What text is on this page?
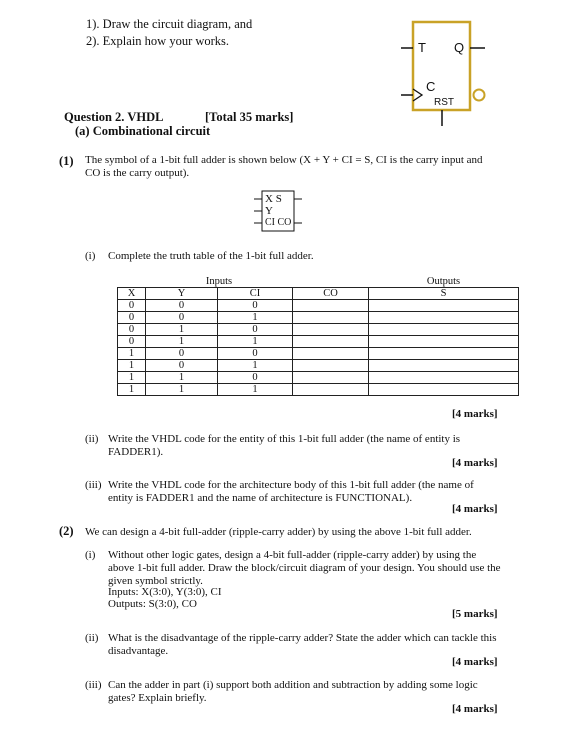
1). Draw the circuit diagram, and
2). Explain how your works.	T Q
C
RST
Question 2. VHDL	[Total 35 marks]
(a) Combinational circuit
(1) The symbol of a 1-bit full adder is shown below (X + Y + CI = S, CI is the carry input and CO is the carry output).
X S
Y
CI CO
(i) Complete the truth table of the 1-bit full adder.
	Inputs			Outputs
X	Y	CI	CO	S
0	0	0		
0	0	1		
0	1	0		
0	1	1		
1	0	0		
1	0	1		
1	1	0		
1	1	1		
[4 marks]
(ii) Write the VHDL code for the entity of this 1-bit full adder (the name of entity is FADDER1).
[4 marks]
(iii) Write the VHDL code for the architecture body of this 1-bit full adder (the name of entity is FADDER1 and the name of architecture is FUNCTIONAL).
[4 marks]
(2) We can design a 4-bit full-adder (ripple-carry adder) by using the above 1-bit full adder.
(i) Without other logic gates, design a 4-bit full-adder (ripple-carry adder) by using the above 1-bit full adder. Draw the block/circuit diagram of your design. You should use the given symbol strictly.
Inputs: X(3:0), Y(3:0), CI
Outputs: S(3:0), CO
[5 marks]
(ii) What is the disadvantage of the ripple-carry adder? State the adder which can tackle this disadvantage.
[4 marks]
(iii) Can the adder in part (i) support both addition and subtraction by adding some logic gates? Explain briefly.
[4 marks]
